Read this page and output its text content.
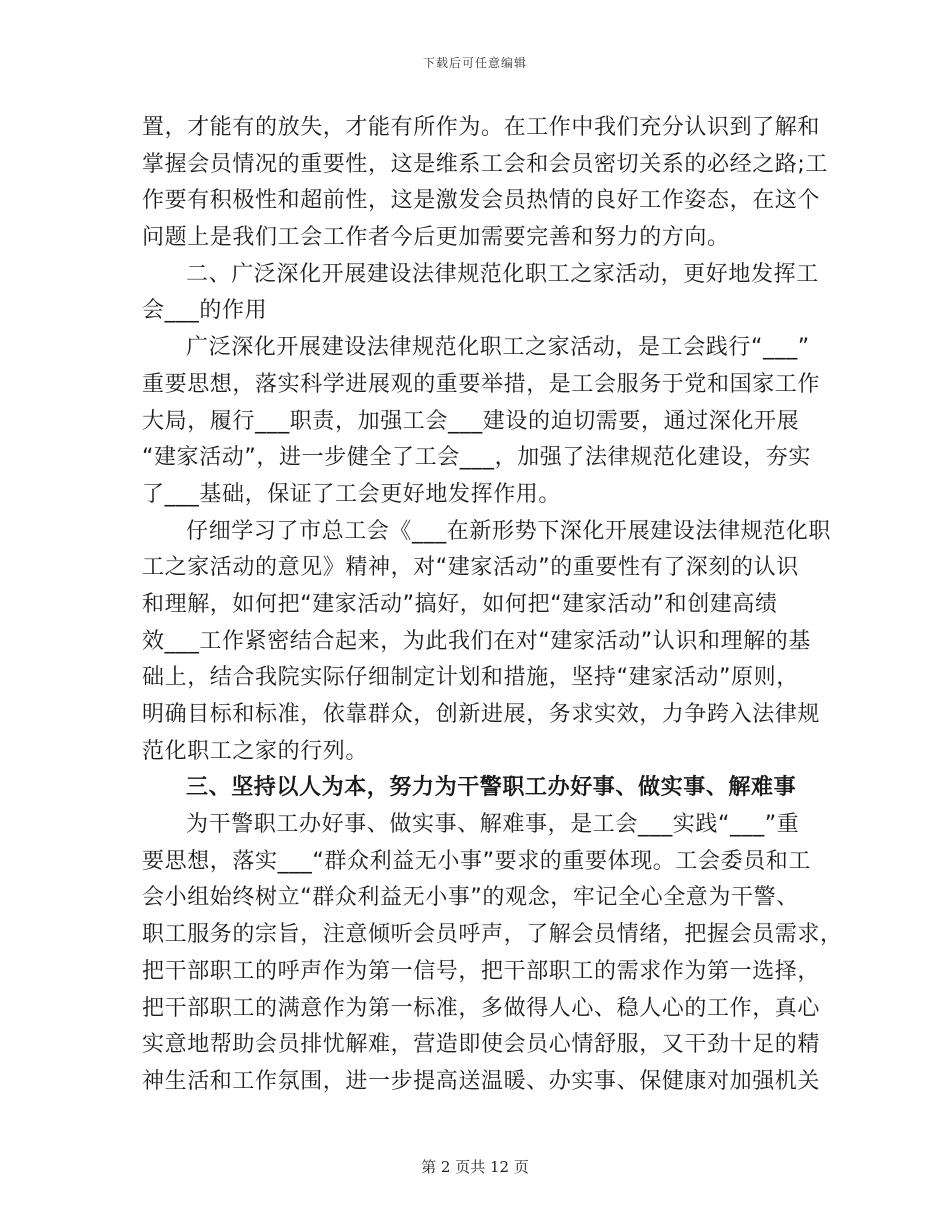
下载后可任意编辑
置，才能有的放失，才能有所作为。在工作中我们充分认识到了解和
掌握会员情况的重要性，这是维系工会和会员密切关系的必经之路;工
作要有积极性和超前性，这是激发会员热情的良好工作姿态，在这个
问题上是我们工会工作者今后更加需要完善和努力的方向。
二、广泛深化开展建设法律规范化职工之家活动，更好地发挥工
会___的作用
广泛深化开展建设法律规范化职工之家活动，是工会践行“___”
重要思想，落实科学进展观的重要举措，是工会服务于党和国家工作
大局，履行___职责，加强工会___建设的迫切需要，通过深化开展
“建家活动”，进一步健全了工会___，加强了法律规范化建设，夯实
了___基础，保证了工会更好地发挥作用。
仔细学习了市总工会《___在新形势下深化开展建设法律规范化职
工之家活动的意见》精神，对“建家活动”的重要性有了深刻的认识
和理解，如何把“建家活动”搞好，如何把“建家活动”和创建高绩
效___工作紧密结合起来，为此我们在对“建家活动”认识和理解的基
础上，结合我院实际仔细制定计划和措施，坚持“建家活动”原则，
明确目标和标准，依靠群众，创新进展，务求实效，力争跨入法律规
范化职工之家的行列。
三、坚持以人为本，努力为干警职工办好事、做实事、解难事
为干警职工办好事、做实事、解难事，是工会___实践“___”重
要思想，落实___“群众利益无小事”要求的重要体现。工会委员和工
会小组始终树立“群众利益无小事”的观念，牢记全心全意为干警、
职工服务的宗旨，注意倾听会员呼声，了解会员情绪，把握会员需求，
把干部职工的呼声作为第一信号，把干部职工的需求作为第一选择，
把干部职工的满意作为第一标准，多做得人心、稳人心的工作，真心
实意地帮助会员排忧解难，营造即使会员心情舒服，又干劲十足的精
神生活和工作氛围，进一步提高送温暖、办实事、保健康对加强机关
第 2 页共 12 页
